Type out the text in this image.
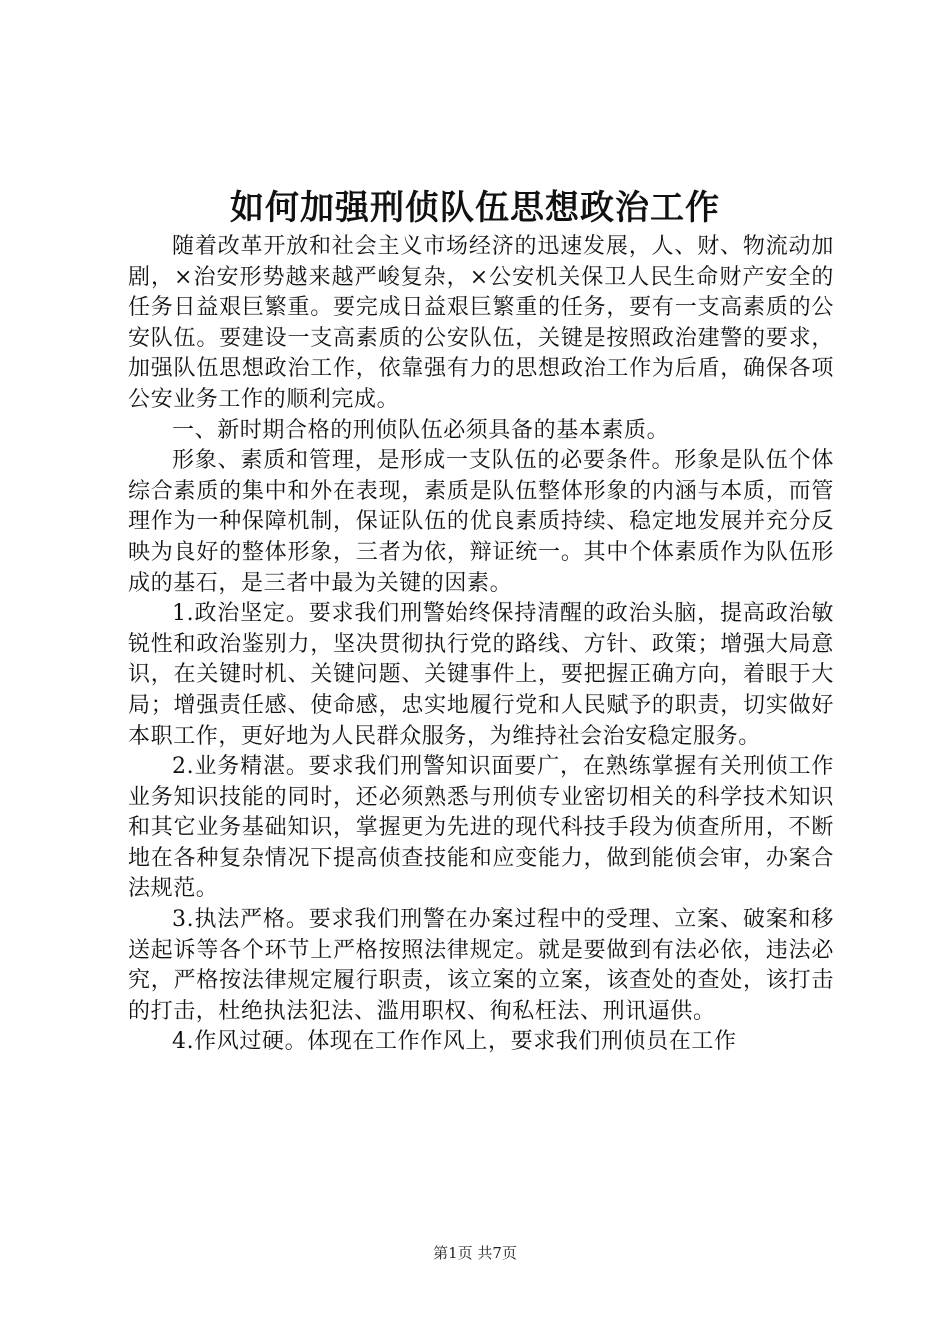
如何加强刑侦队伍思想政治工作

随着改革开放和社会主义市场经济的迅速发展，人、财、物流动加剧，×治安形势越来越严峻复杂，×公安机关保卫人民生命财产安全的任务日益艰巨繁重。要完成日益艰巨繁重的任务，要有一支高素质的公安队伍。要建设一支高素质的公安队伍，关键是按照政治建警的要求，加强队伍思想政治工作，依靠强有力的思想政治工作为后盾，确保各项公安业务工作的顺利完成。

一、新时期合格的刑侦队伍必须具备的基本素质。

形象、素质和管理，是形成一支队伍的必要条件。形象是队伍个体综合素质的集中和外在表现，素质是队伍整体形象的内涵与本质，而管理作为一种保障机制，保证队伍的优良素质持续、稳定地发展并充分反映为良好的整体形象，三者为依，辩证统一。其中个体素质作为队伍形成的基石，是三者中最为关键的因素。

1.政治坚定。要求我们刑警始终保持清醒的政治头脑，提高政治敏锐性和政治鉴别力，坚决贯彻执行党的路线、方针、政策；增强大局意识，在关键时机、关键问题、关键事件上，要把握正确方向，着眼于大局；增强责任感、使命感，忠实地履行党和人民赋予的职责，切实做好本职工作，更好地为人民群众服务，为维持社会治安稳定服务。

2.业务精湛。要求我们刑警知识面要广，在熟练掌握有关刑侦工作业务知识技能的同时，还必须熟悉与刑侦专业密切相关的科学技术知识和其它业务基础知识，掌握更为先进的现代科技手段为侦查所用，不断地在各种复杂情况下提高侦查技能和应变能力，做到能侦会审，办案合法规范。

3.执法严格。要求我们刑警在办案过程中的受理、立案、破案和移送起诉等各个环节上严格按照法律规定。就是要做到有法必依，违法必究，严格按法律规定履行职责，该立案的立案，该查处的查处，该打击的打击，杜绝执法犯法、滥用职权、徇私枉法、刑讯逼供。

4.作风过硬。体现在工作作风上，要求我们刑侦员在工作

第1页 共7页
